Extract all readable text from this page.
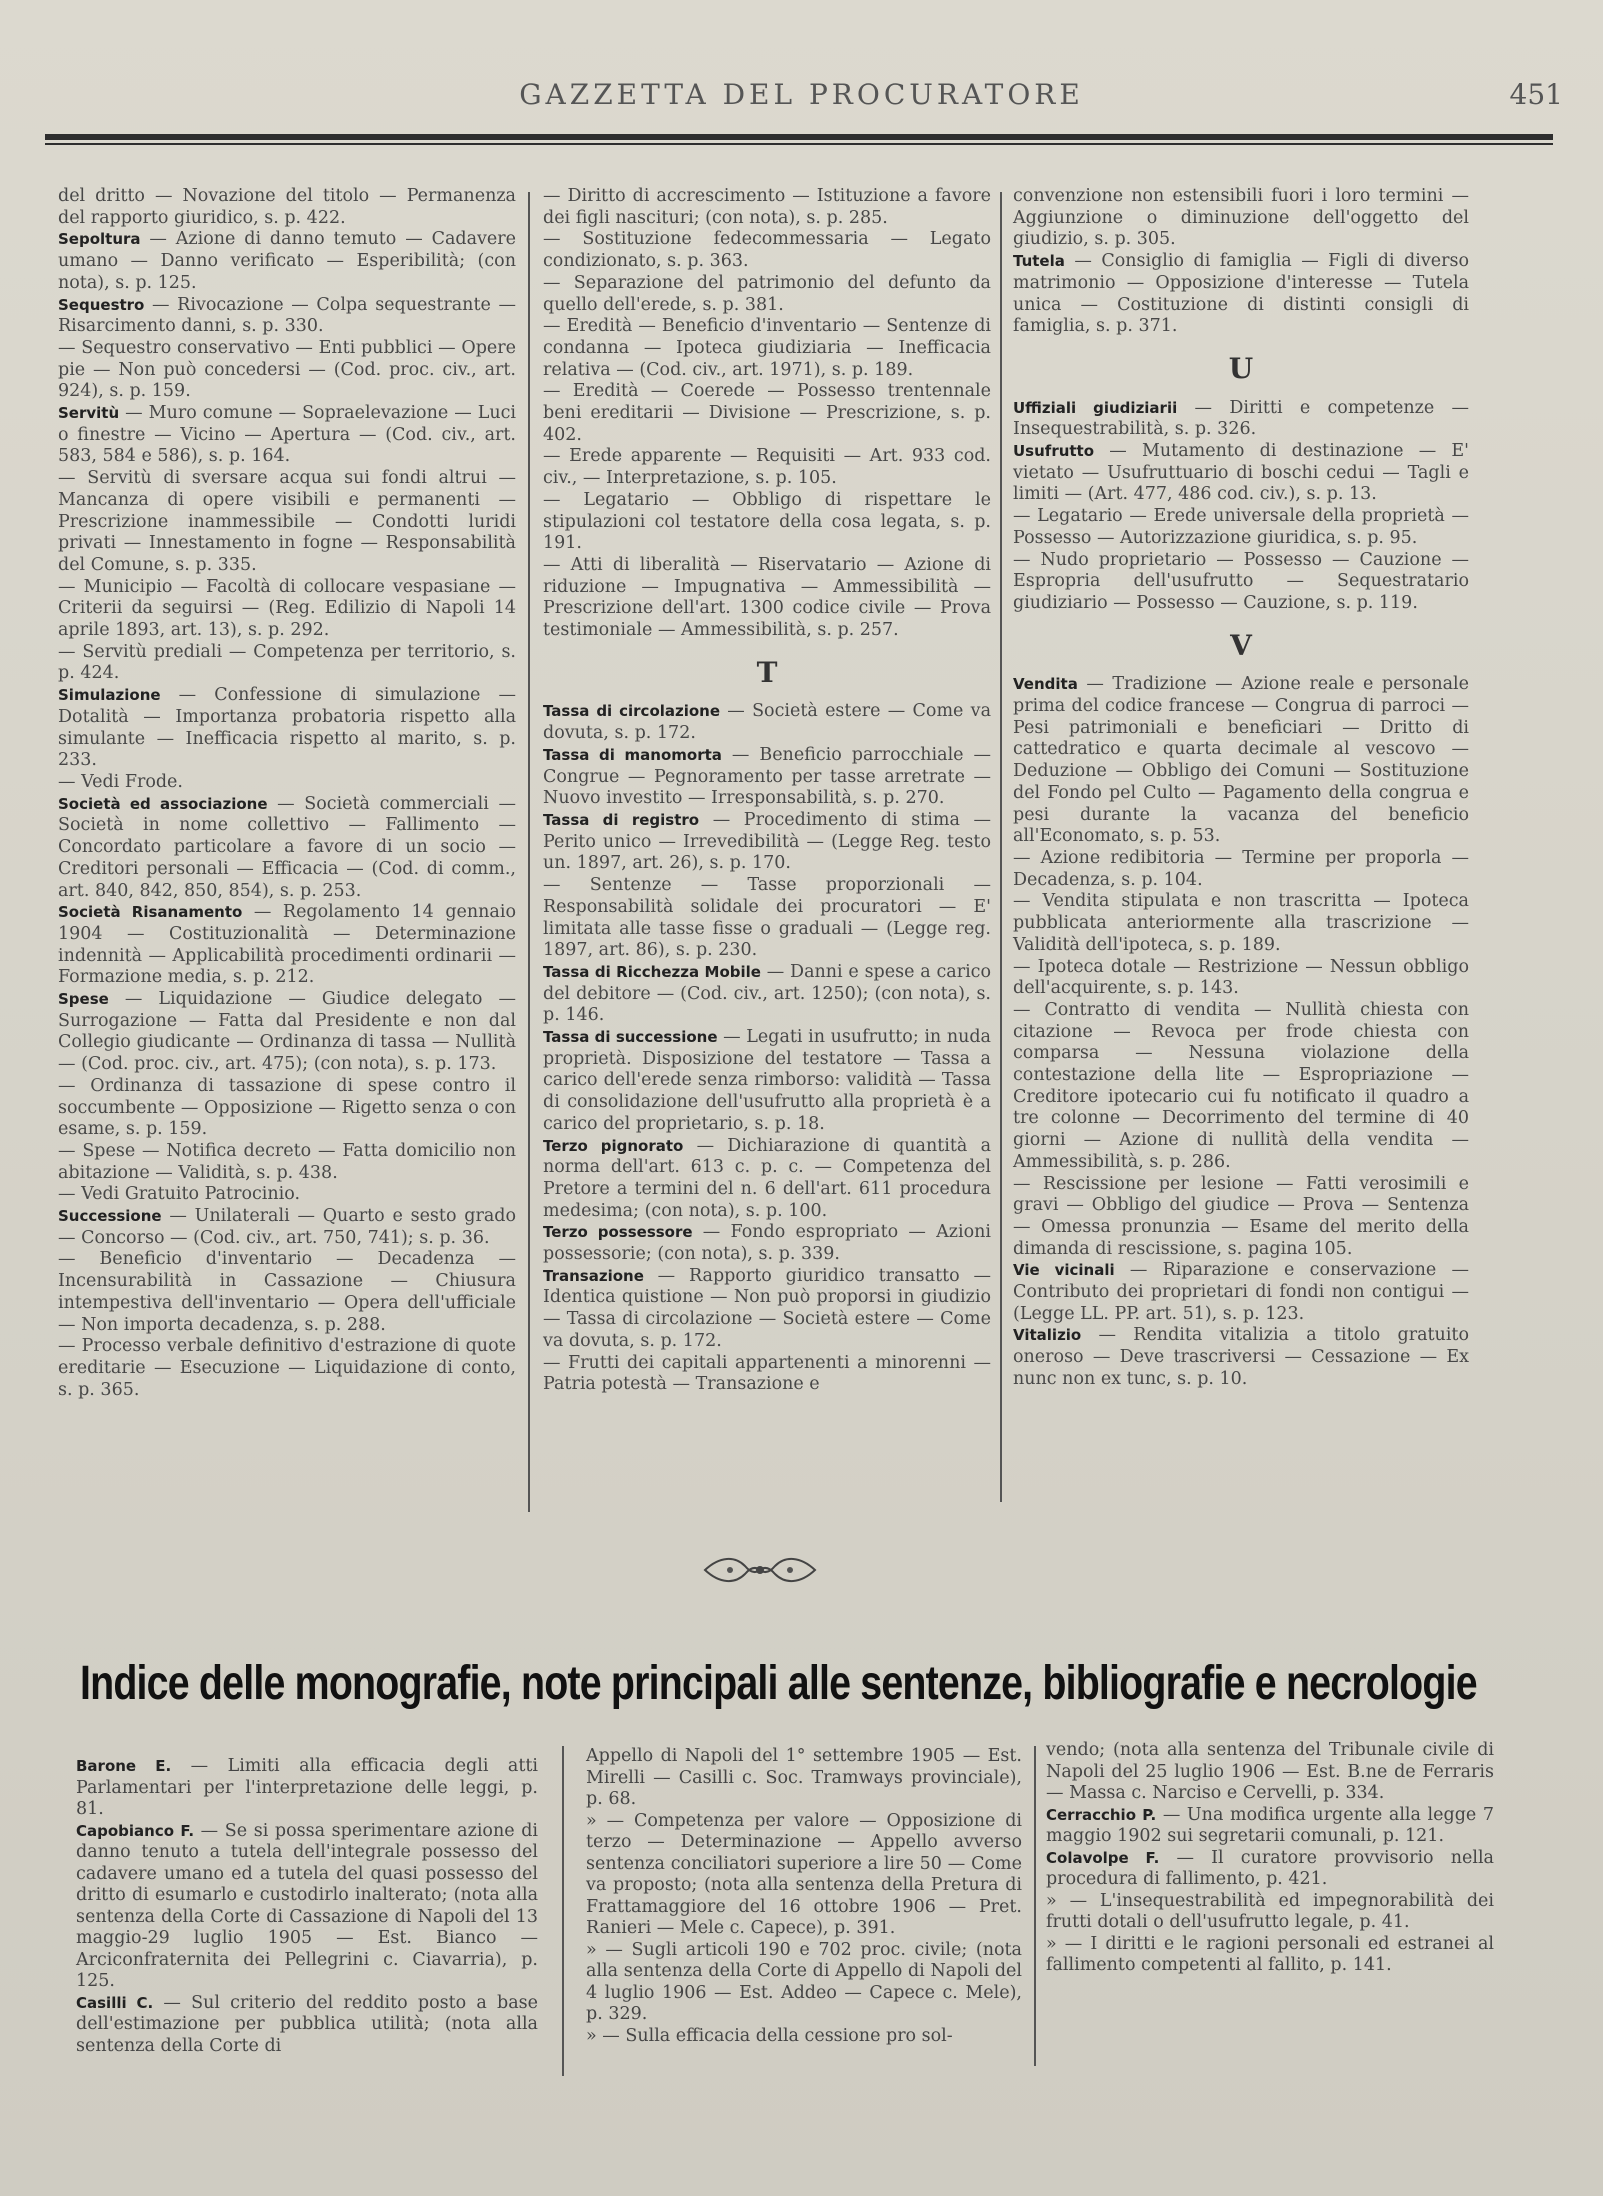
GAZZETTA DEL PROCURATORE	451

del dritto — Novazione del titolo — Permanenza del rapporto giuridico, s. p. 422.

Sepoltura — Azione di danno temuto — Cadavere umano — Danno verificato — Esperibilità; (con nota), s. p. 125.

Sequestro — Rivocazione — Colpa sequestrante — Risarcimento danni, s. p. 330.

— Sequestro conservativo — Enti pubblici — Opere pie — Non può concedersi — (Cod. proc. civ., art. 924), s. p. 159.

Servitù — Muro comune — Sopraelevazione — Luci o finestre — Vicino — Apertura — (Cod. civ., art. 583, 584 e 586), s. p. 164.

— Servitù di sversare acqua sui fondi altrui — Mancanza di opere visibili e permanenti — Prescrizione inammessibile — Condotti luridi privati — Innestamento in fogne — Responsabilità del Comune, s. p. 335.

— Municipio — Facoltà di collocare vespasiane — Criterii da seguirsi — (Reg. Edilizio di Napoli 14 aprile 1893, art. 13), s. p. 292.

— Servitù prediali — Competenza per territorio, s. p. 424.

Simulazione — Confessione di simulazione — Dotalità — Importanza probatoria rispetto alla simulante — Inefficacia rispetto al marito, s. p. 233.

— Vedi Frode.

Società ed associazione — Società commerciali — Società in nome collettivo — Fallimento — Concordato particolare a favore di un socio — Creditori personali — Efficacia — (Cod. di comm., art. 840, 842, 850, 854), s. p. 253.

Società Risanamento — Regolamento 14 gennaio 1904 — Costituzionalità — Determinazione indennità — Applicabilità procedimenti ordinarii — Formazione media, s. p. 212.

Spese — Liquidazione — Giudice delegato — Surrogazione — Fatta dal Presidente e non dal Collegio giudicante — Ordinanza di tassa — Nullità — (Cod. proc. civ., art. 475); (con nota), s. p. 173.

— Ordinanza di tassazione di spese contro il soccumbente — Opposizione — Rigetto senza o con esame, s. p. 159.

— Spese — Notifica decreto — Fatta domicilio non abitazione — Validità, s. p. 438.

— Vedi Gratuito Patrocinio.

Successione — Unilaterali — Quarto e sesto grado — Concorso — (Cod. civ., art. 750, 741); s. p. 36.

— Beneficio d'inventario — Decadenza — Incensurabilità in Cassazione — Chiusura intempestiva dell'inventario — Opera dell'ufficiale — Non importa decadenza, s. p. 288.

— Processo verbale definitivo d'estrazione di quote ereditarie — Esecuzione — Liquidazione di conto, s. p. 365.

— Diritto di accrescimento — Istituzione a favore dei figli nascituri; (con nota), s. p. 285.

— Sostituzione fedecommessaria — Legato condizionato, s. p. 363.

— Separazione del patrimonio del defunto da quello dell'erede, s. p. 381.

— Eredità — Beneficio d'inventario — Sentenze di condanna — Ipoteca giudiziaria — Inefficacia relativa — (Cod. civ., art. 1971), s. p. 189.

— Eredità — Coerede — Possesso trentennale beni ereditarii — Divisione — Prescrizione, s. p. 402.

— Erede apparente — Requisiti — Art. 933 cod. civ., — Interpretazione, s. p. 105.

— Legatario — Obbligo di rispettare le stipulazioni col testatore della cosa legata, s. p. 191.

— Atti di liberalità — Riservatario — Azione di riduzione — Impugnativa — Ammessibilità — Prescrizione dell'art. 1300 codice civile — Prova testimoniale — Ammessibilità, s. p. 257.

T

Tassa di circolazione — Società estere — Come va dovuta, s. p. 172.

Tassa di manomorta — Beneficio parrocchiale — Congrue — Pegnoramento per tasse arretrate — Nuovo investito — Irresponsabilità, s. p. 270.

Tassa di registro — Procedimento di stima — Perito unico — Irrevedibilità — (Legge Reg. testo un. 1897, art. 26), s. p. 170.

— Sentenze — Tasse proporzionali — Responsabilità solidale dei procuratori — E' limitata alle tasse fisse o graduali — (Legge reg. 1897, art. 86), s. p. 230.

Tassa di Ricchezza Mobile — Danni e spese a carico del debitore — (Cod. civ., art. 1250); (con nota), s. p. 146.

Tassa di successione — Legati in usufrutto; in nuda proprietà. Disposizione del testatore — Tassa a carico dell'erede senza rimborso: validità — Tassa di consolidazione dell'usufrutto alla proprietà è a carico del proprietario, s. p. 18.

Terzo pignorato — Dichiarazione di quantità a norma dell'art. 613 c. p. c. — Competenza del Pretore a termini del n. 6 dell'art. 611 procedura medesima; (con nota), s. p. 100.

Terzo possessore — Fondo espropriato — Azioni possessorie; (con nota), s. p. 339.

Transazione — Rapporto giuridico transatto — Identica quistione — Non può proporsi in giudizio — Tassa di circolazione — Società estere — Come va dovuta, s. p. 172.

— Frutti dei capitali appartenenti a minorenni — Patria potestà — Transazione e

convenzione non estensibili fuori i loro termini — Aggiunzione o diminuzione dell'oggetto del giudizio, s. p. 305.

Tutela — Consiglio di famiglia — Figli di diverso matrimonio — Opposizione d'interesse — Tutela unica — Costituzione di distinti consigli di famiglia, s. p. 371.

U

Uffiziali giudiziarii — Diritti e competenze — Insequestrabilità, s. p. 326.

Usufrutto — Mutamento di destinazione — E' vietato — Usufruttuario di boschi cedui — Tagli e limiti — (Art. 477, 486 cod. civ.), s. p. 13.

— Legatario — Erede universale della proprietà — Possesso — Autorizzazione giuridica, s. p. 95.

— Nudo proprietario — Possesso — Cauzione — Espropria dell'usufrutto — Sequestratario giudiziario — Possesso — Cauzione, s. p. 119.

V

Vendita — Tradizione — Azione reale e personale prima del codice francese — Congrua di parroci — Pesi patrimoniali e beneficiari — Dritto di cattedratico e quarta decimale al vescovo — Deduzione — Obbligo dei Comuni — Sostituzione del Fondo pel Culto — Pagamento della congrua e pesi durante la vacanza del beneficio all'Economato, s. p. 53.

— Azione redibitoria — Termine per proporla — Decadenza, s. p. 104.

— Vendita stipulata e non trascritta — Ipoteca pubblicata anteriormente alla trascrizione — Validità dell'ipoteca, s. p. 189.

— Ipoteca dotale — Restrizione — Nessun obbligo dell'acquirente, s. p. 143.

— Contratto di vendita — Nullità chiesta con citazione — Revoca per frode chiesta con comparsa — Nessuna violazione della contestazione della lite — Espropriazione — Creditore ipotecario cui fu notificato il quadro a tre colonne — Decorrimento del termine di 40 giorni — Azione di nullità della vendita — Ammessibilità, s. p. 286.

— Rescissione per lesione — Fatti verosimili e gravi — Obbligo del giudice — Prova — Sentenza — Omessa pronunzia — Esame del merito della dimanda di rescissione, s. pagina 105.

Vie vicinali — Riparazione e conservazione — Contributo dei proprietari di fondi non contigui — (Legge LL. PP. art. 51), s. p. 123.

Vitalizio — Rendita vitalizia a titolo gratuito oneroso — Deve trascriversi — Cessazione — Ex nunc non ex tunc, s. p. 10.

Indice delle monografie, note principali alle sentenze, bibliografie e necrologie

Barone E. — Limiti alla efficacia degli atti Parlamentari per l'interpretazione delle leggi, p. 81.

Capobianco F. — Se si possa sperimentare azione di danno tenuto a tutela dell'integrale possesso del cadavere umano ed a tutela del quasi possesso del dritto di esumarlo e custodirlo inalterato; (nota alla sentenza della Corte di Cassazione di Napoli del 13 maggio-29 luglio 1905 — Est. Bianco — Arciconfraternita dei Pellegrini c. Ciavarria), p. 125.

Casilli C. — Sul criterio del reddito posto a base dell'estimazione per pubblica utilità; (nota alla sentenza della Corte di

Appello di Napoli del 1° settembre 1905 — Est. Mirelli — Casilli c. Soc. Tramways provinciale), p. 68.

» — Competenza per valore — Opposizione di terzo — Determinazione — Appello avverso sentenza conciliatori superiore a lire 50 — Come va proposto; (nota alla sentenza della Pretura di Frattamaggiore del 16 ottobre 1906 — Pret. Ranieri — Mele c. Capece), p. 391.

» — Sugli articoli 190 e 702 proc. civile; (nota alla sentenza della Corte di Appello di Napoli del 4 luglio 1906 — Est. Addeo — Capece c. Mele), p. 329.

» — Sulla efficacia della cessione pro sol-

vendo; (nota alla sentenza del Tribunale civile di Napoli del 25 luglio 1906 — Est. B.ne de Ferraris — Massa c. Narciso e Cervelli, p. 334.

Cerracchio P. — Una modifica urgente alla legge 7 maggio 1902 sui segretarii comunali, p. 121.

Colavolpe F. — Il curatore provvisorio nella procedura di fallimento, p. 421.

» — L'insequestrabilità ed impegnorabilità dei frutti dotali o dell'usufrutto legale, p. 41.

» — I diritti e le ragioni personali ed estranei al fallimento competenti al fallito, p. 141.
